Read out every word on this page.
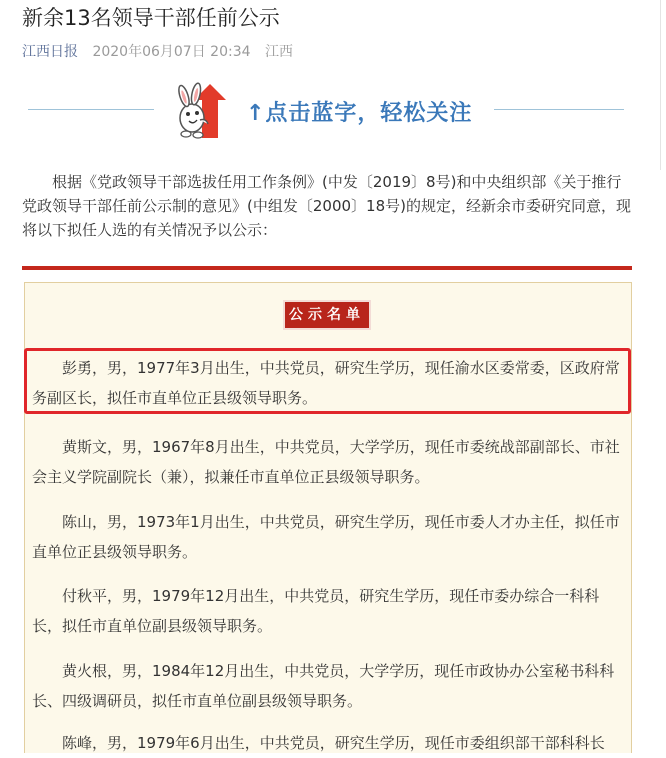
新余13名领导干部任前公示
江西日报 2020年06月07日 20:34 江西
↑点击蓝字，轻松关注

根据《党政领导干部选拔任用工作条例》(中发〔2019〕8号)和中央组织部《关于推行党政领导干部任前公示制的意见》(中组发〔2000〕18号)的规定，经新余市委研究同意，现将以下拟任人选的有关情况予以公示：

公示名单

彭勇，男，1977年3月出生，中共党员，研究生学历，现任渝水区委常委，区政府常务副区长，拟任市直单位正县级领导职务。

黄斯文，男，1967年8月出生，中共党员，大学学历，现任市委统战部副部长、市社会主义学院副院长（兼），拟兼任市直单位正县级领导职务。

陈山，男，1973年1月出生，中共党员，研究生学历，现任市委人才办主任，拟任市直单位正县级领导职务。

付秋平，男，1979年12月出生，中共党员，研究生学历，现任市委办综合一科科长，拟任市直单位副县级领导职务。

黄火根，男，1984年12月出生，中共党员，大学学历，现任市政协办公室秘书科科长、四级调研员，拟任市直单位副县级领导职务。

陈峰，男，1979年6月出生，中共党员，研究生学历，现任市委组织部干部科科长
